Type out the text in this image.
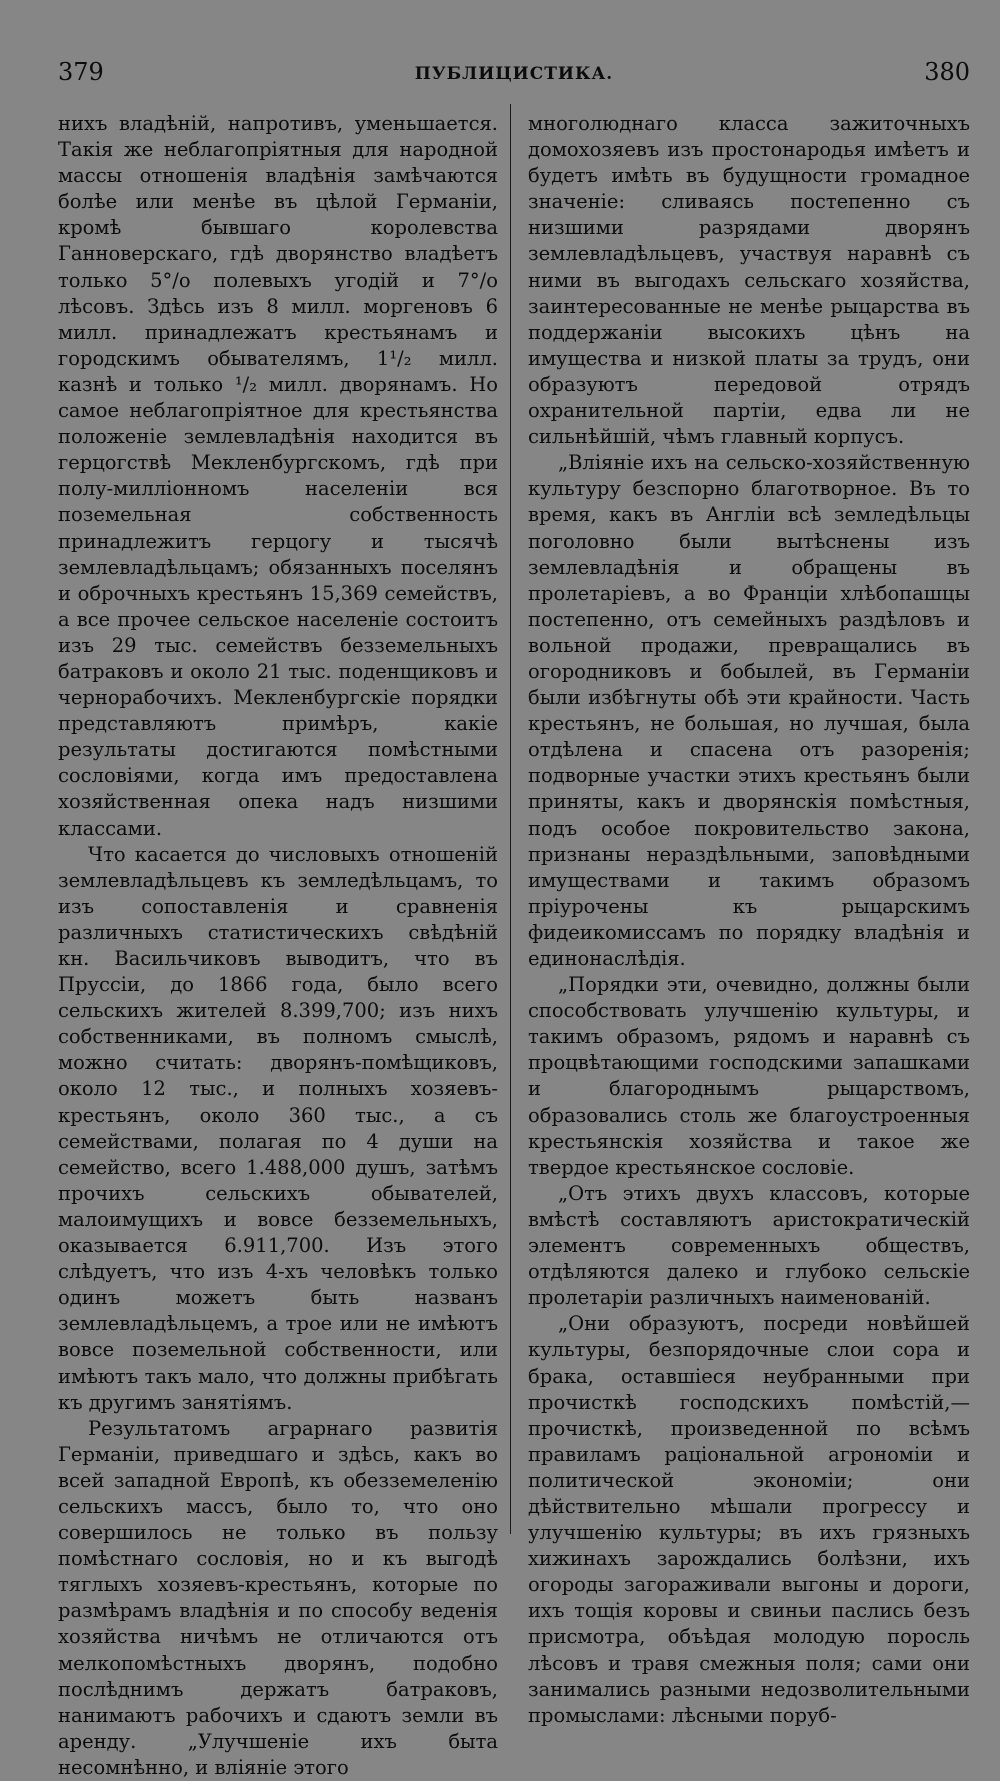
379	ПУБЛИЦИСТИКА.	380

нихъ владѣній, напротивъ, уменьшается. Такія же неблагопріятныя для народной массы отношенія владѣнія замѣчаются болѣе или менѣе въ цѣлой Германіи, кромѣ бывшаго королевства Ганноверскаго, гдѣ дворянство владѣетъ только 5°/о полевыхъ угодій и 7°/о лѣсовъ. Здѣсь изъ 8 милл. моргеновъ 6 милл. принадлежатъ крестьянамъ и городскимъ обывателямъ, 1¹/₂ милл. казнѣ и только ¹/₂ милл. дворянамъ. Но самое неблагопріятное для крестьянства положеніе землевладѣнія находится въ герцогствѣ Мекленбургскомъ, гдѣ при полу-милліонномъ населеніи вся поземельная собственность принадлежитъ герцогу и тысячѣ землевладѣльцамъ; обязанныхъ поселянъ и оброчныхъ крестьянъ 15,369 семействъ, а все прочее сельское населеніе состоитъ изъ 29 тыс. семействъ безземельныхъ батраковъ и около 21 тыс. поденщиковъ и чернорабочихъ. Мекленбургскіе порядки представляютъ примѣръ, какіе результаты достигаются помѣстными сословіями, когда имъ предоставлена хозяйственная опека надъ низшими классами.

Что касается до числовыхъ отношеній землевладѣльцевъ къ земледѣльцамъ, то изъ сопоставленія и сравненія различныхъ статистическихъ свѣдѣній кн. Васильчиковъ выводитъ, что въ Пруссіи, до 1866 года, было всего сельскихъ жителей 8.399,700; изъ нихъ собственниками, въ полномъ смыслѣ, можно считать: дворянъ-помѣщиковъ, около 12 тыс., и полныхъ хозяевъ-крестьянъ, около 360 тыс., а съ семействами, полагая по 4 души на семейство, всего 1.488,000 душъ, затѣмъ прочихъ сельскихъ обывателей, малоимущихъ и вовсе безземельныхъ, оказывается 6.911,700. Изъ этого слѣдуетъ, что изъ 4-хъ человѣкъ только одинъ можетъ быть названъ землевладѣльцемъ, а трое или не имѣютъ вовсе поземельной собственности, или имѣютъ такъ мало, что должны прибѣгать къ другимъ занятіямъ.

Результатомъ аграрнаго развитія Германіи, приведшаго и здѣсь, какъ во всей западной Европѣ, къ обезземеленію сельскихъ массъ, было то, что оно совершилось не только въ пользу помѣстнаго сословія, но и къ выгодѣ тяглыхъ хозяевъ-крестьянъ, которые по размѣрамъ владѣнія и по способу веденія хозяйства ничѣмъ не отличаются отъ мелкопомѣстныхъ дворянъ, подобно послѣднимъ держатъ батраковъ, нанимаютъ рабочихъ и сдаютъ земли въ аренду. „Улучшеніе ихъ быта несомнѣнно, и вліяніе этого

многолюднаго класса зажиточныхъ домохозяевъ изъ простонародья имѣетъ и будетъ имѣть въ будущности громадное значеніе: сливаясь постепенно съ низшими разрядами дворянъ землевладѣльцевъ, участвуя наравнѣ съ ними въ выгодахъ сельскаго хозяйства, заинтересованные не менѣе рыцарства въ поддержаніи высокихъ цѣнъ на имущества и низкой платы за трудъ, они образуютъ передовой отрядъ охранительной партіи, едва ли не сильнѣйшій, чѣмъ главный корпусъ.

„Вліяніе ихъ на сельско-хозяйственную культуру безспорно благотворное. Въ то время, какъ въ Англіи всѣ земледѣльцы поголовно были вытѣснены изъ землевладѣнія и обращены въ пролетаріевъ, а во Франціи хлѣбопашцы постепенно, отъ семейныхъ раздѣловъ и вольной продажи, превращались въ огородниковъ и бобылей, въ Германіи были избѣгнуты обѣ эти крайности. Часть крестьянъ, не большая, но лучшая, была отдѣлена и спасена отъ разоренія; подворные участки этихъ крестьянъ были приняты, какъ и дворянскія помѣстныя, подъ особое покровительство закона, признаны нераздѣльными, заповѣдными имуществами и такимъ образомъ пріурочены къ рыцарскимъ фидеикомиссамъ по порядку владѣнія и единонаслѣдія.

„Порядки эти, очевидно, должны были способствовать улучшенію культуры, и такимъ образомъ, рядомъ и наравнѣ съ процвѣтающими господскими запашками и благороднымъ рыцарствомъ, образовались столь же благоустроенныя крестьянскія хозяйства и такое же твердое крестьянское сословіе.

„Отъ этихъ двухъ классовъ, которые вмѣстѣ составляютъ аристократическій элементъ современныхъ обществъ, отдѣляются далеко и глубоко сельскіе пролетаріи различныхъ наименованій.

„Они образуютъ, посреди новѣйшей культуры, безпорядочные слои сора и брака, оставшіеся неубранными при прочисткѣ господскихъ помѣстій,—прочисткѣ, произведенной по всѣмъ правиламъ раціональной агрономіи и политической экономіи; они дѣйствительно мѣшали прогрессу и улучшенію культуры; въ ихъ грязныхъ хижинахъ зарождались болѣзни, ихъ огороды загораживали выгоны и дороги, ихъ тощія коровы и свиньи паслись безъ присмотра, объѣдая молодую поросль лѣсовъ и травя смежныя поля; сами они занимались разными недозволительными промыслами: лѣсными поруб-
